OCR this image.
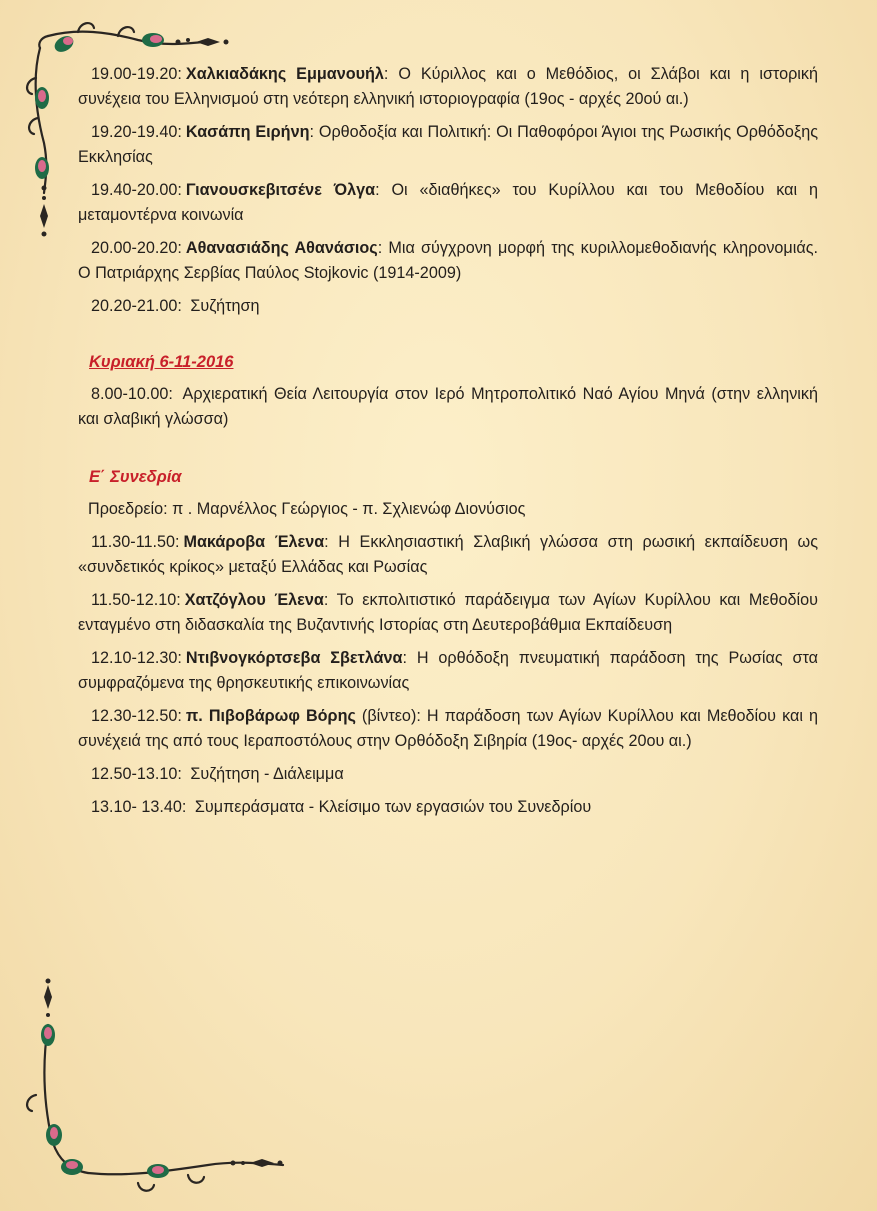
19.00-19.20: Χαλκιαδάκης Εμμανουήλ: Ο Κύριλλος και ο Μεθόδιος, οι Σλάβοι και η ιστορική συνέχεια του Ελληνισμού στη νεότερη ελληνική ιστοριογραφία (19ος - αρχές 20ού αι.)

19.20-19.40: Κασάπη Ειρήνη: Ορθοδοξία και Πολιτική: Οι Παθοφόροι Άγιοι της Ρωσικής Ορθόδοξης Εκκλησίας

19.40-20.00: Γιανουσκεβιτσένε Όλγα: Οι «διαθήκες» του Κυρίλλου και του Μεθοδίου και η μεταμοντέρνα κοινωνία

20.00-20.20: Αθανασιάδης Αθανάσιος: Μια σύγχρονη μορφή της κυριλλομεθοδιανής κληρονομιάς. Ο Πατριάρχης Σερβίας Παύλος Stojkovic (1914-2009)

20.20-21.00: Συζήτηση

Κυριακή 6-11-2016

8.00-10.00: Αρχιερατική Θεία Λειτουργία στον Ιερό Μητροπολιτικό Ναό Αγίου Μηνά (στην ελληνική και σλαβική γλώσσα)

Ε΄ Συνεδρία

Προεδρείο: π . Μαρνέλλος Γεώργιος - π. Σχλιενώφ Διονύσιος

11.30-11.50: Μακάροβα Έλενα: Η Εκκλησιαστική Σλαβική γλώσσα στη ρωσική εκπαίδευση ως «συνδετικός κρίκος» μεταξύ Ελλάδας και Ρωσίας

11.50-12.10: Χατζόγλου Έλενα: Το εκπολιτιστικό παράδειγμα των Αγίων Κυρίλλου και Μεθοδίου ενταγμένο στη διδασκαλία της Βυζαντινής Ιστορίας στη Δευτεροβάθμια Εκπαίδευση

12.10-12.30: Ντιβνογκόρτσεβα Σβετλάνα: Η ορθόδοξη πνευματική παράδοση της Ρωσίας στα συμφραζόμενα της θρησκευτικής επικοινωνίας

12.30-12.50: π. Πιβοβάρωφ Βόρης (βίντεο): Η παράδοση των Αγίων Κυρίλλου και Μεθοδίου και η συνέχειά της από τους Ιεραποστόλους στην Ορθόδοξη Σιβηρία (19ος- αρχές 20ου αι.)

12.50-13.10: Συζήτηση - Διάλειμμα

13.10- 13.40: Συμπεράσματα - Κλείσιμο των εργασιών του Συνεδρίου
